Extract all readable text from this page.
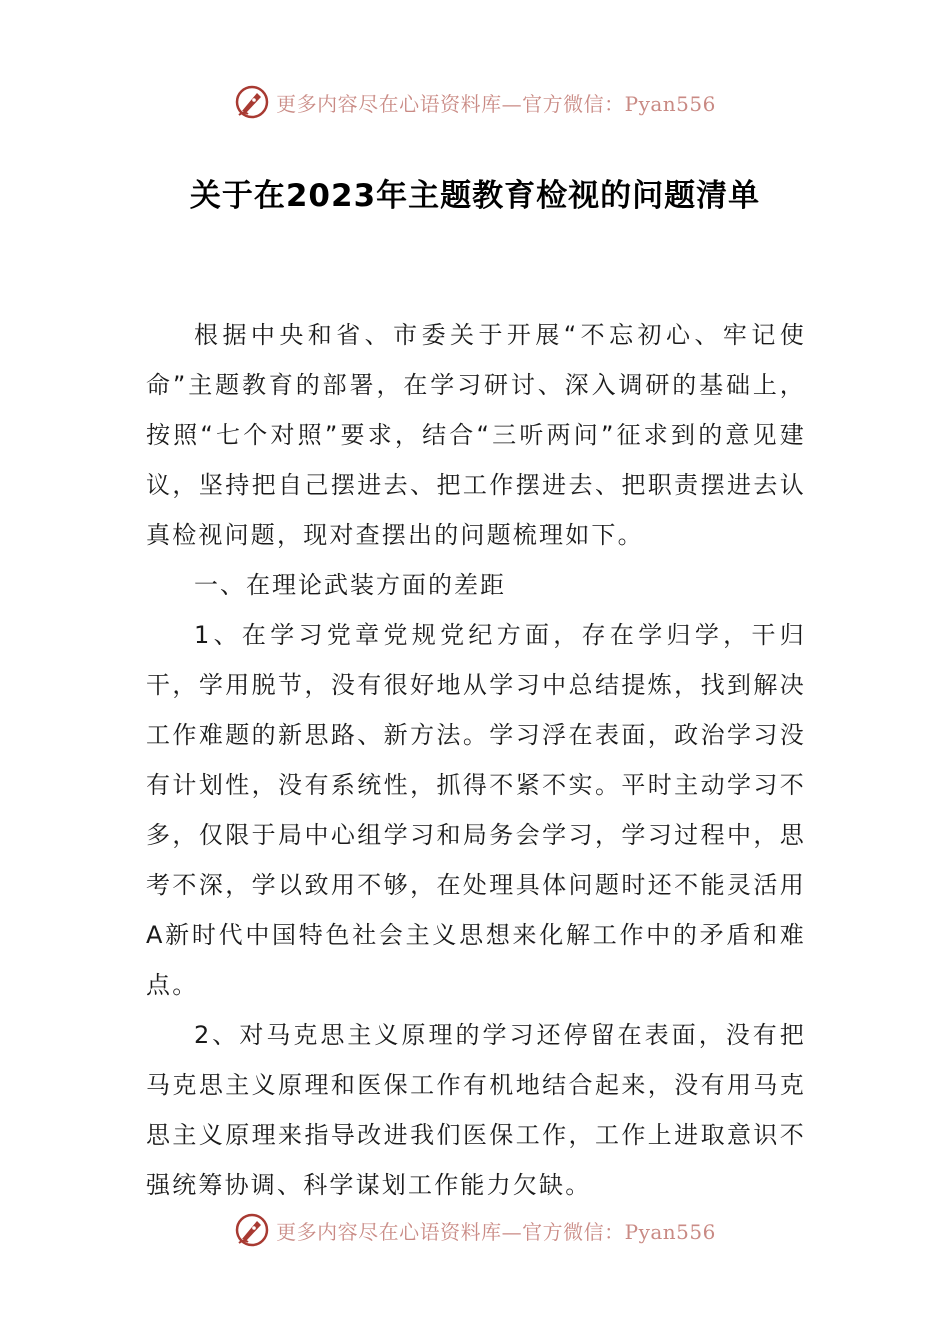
更多内容尽在心语资料库—官方微信：Pyan556
关于在2023年主题教育检视的问题清单

根据中央和省、市委关于开展“不忘初心、牢记使命”主题教育的部署，在学习研讨、深入调研的基础上，按照“七个对照”要求，结合“三听两问”征求到的意见建议，坚持把自己摆进去、把工作摆进去、把职责摆进去认真检视问题，现对查摆出的问题梳理如下。

一、在理论武装方面的差距

1、在学习党章党规党纪方面，存在学归学，干归干，学用脱节，没有很好地从学习中总结提炼，找到解决工作难题的新思路、新方法。学习浮在表面，政治学习没有计划性，没有系统性，抓得不紧不实。平时主动学习不多，仅限于局中心组学习和局务会学习，学习过程中，思考不深，学以致用不够，在处理具体问题时还不能灵活用A新时代中国特色社会主义思想来化解工作中的矛盾和难点。

2、对马克思主义原理的学习还停留在表面，没有把马克思主义原理和医保工作有机地结合起来，没有用马克思主义原理来指导改进我们医保工作，工作上进取意识不强统筹协调、科学谋划工作能力欠缺。

更多内容尽在心语资料库—官方微信：Pyan556
